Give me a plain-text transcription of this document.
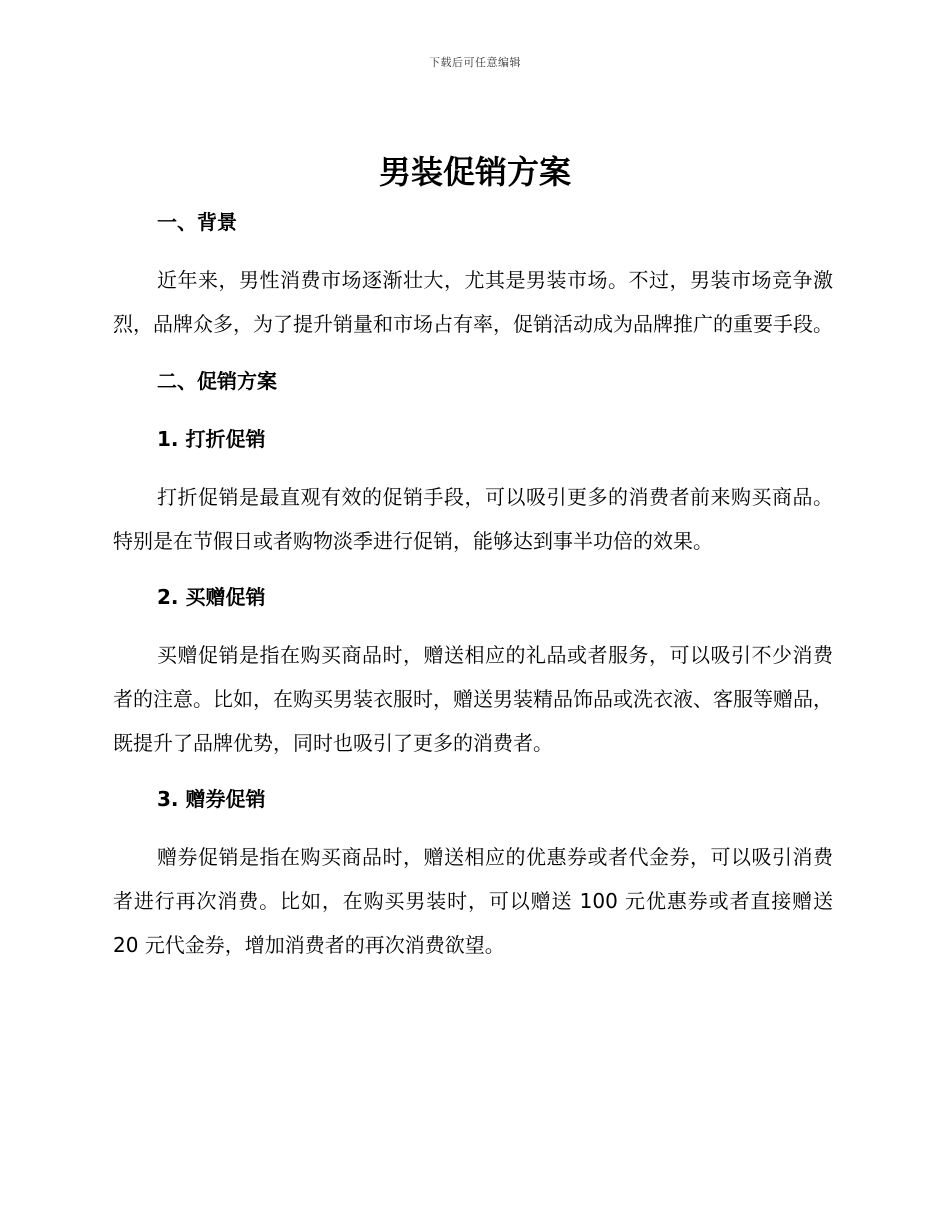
下载后可任意编辑
男装促销方案
一、背景

近年来，男性消费市场逐渐壮大，尤其是男装市场。不过，男装市场竞争激烈，品牌众多，为了提升销量和市场占有率，促销活动成为品牌推广的重要手段。

二、促销方案
1. 打折促销

打折促销是最直观有效的促销手段，可以吸引更多的消费者前来购买商品。特别是在节假日或者购物淡季进行促销，能够达到事半功倍的效果。

2. 买赠促销

买赠促销是指在购买商品时，赠送相应的礼品或者服务，可以吸引不少消费者的注意。比如，在购买男装衣服时，赠送男装精品饰品或洗衣液、客服等赠品，既提升了品牌优势，同时也吸引了更多的消费者。

3. 赠券促销

赠券促销是指在购买商品时，赠送相应的优惠券或者代金券，可以吸引消费者进行再次消费。比如，在购买男装时，可以赠送 100 元优惠券或者直接赠送 20 元代金券，增加消费者的再次消费欲望。
